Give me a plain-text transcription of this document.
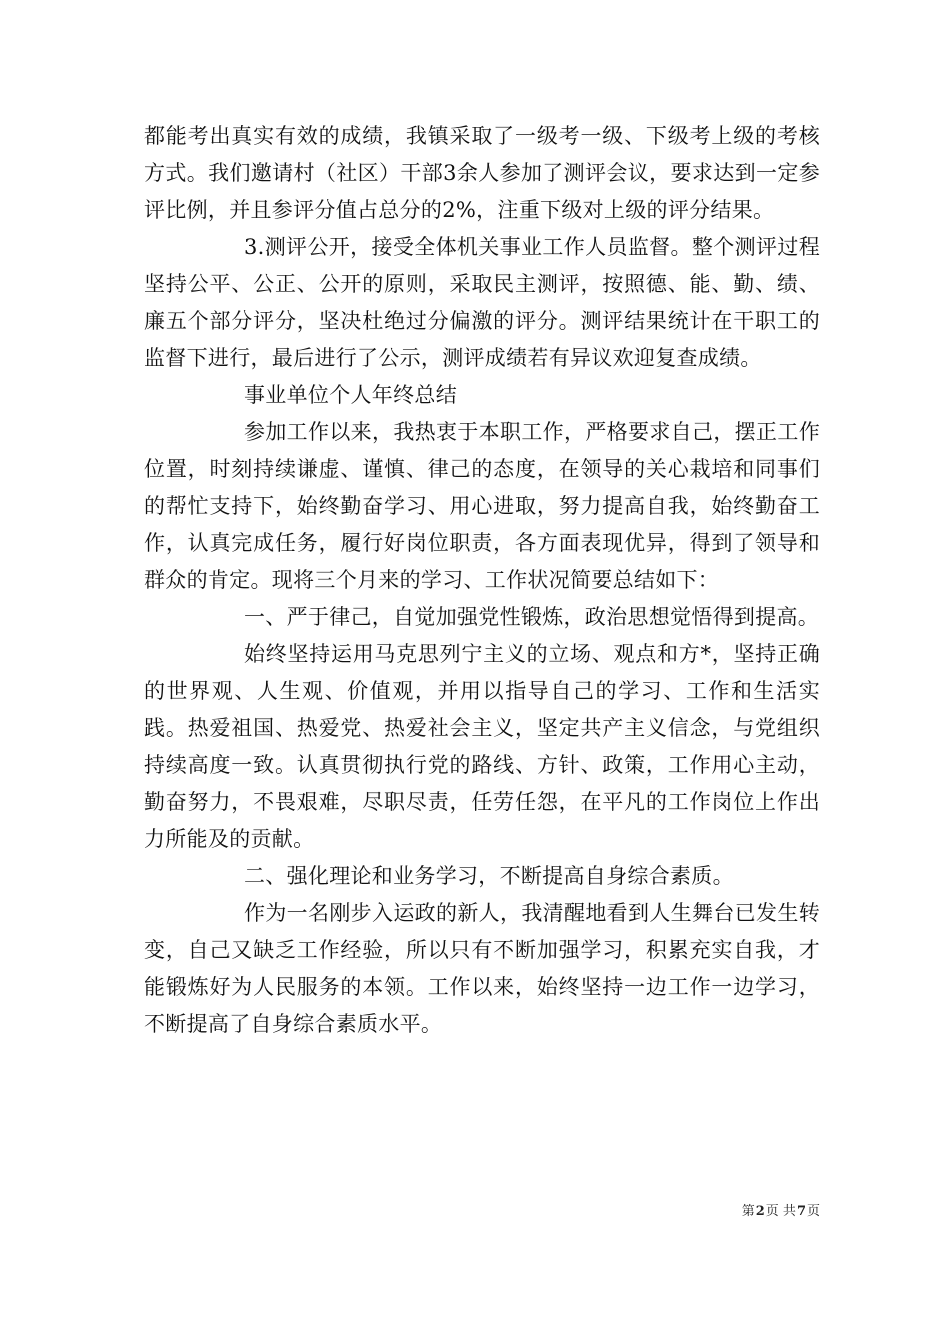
都能考出真实有效的成绩，我镇采取了一级考一级、下级考上级的考核方式。我们邀请村（社区）干部3余人参加了测评会议，要求达到一定参评比例，并且参评分值占总分的2%，注重下级对上级的评分结果。

3.测评公开，接受全体机关事业工作人员监督。整个测评过程坚持公平、公正、公开的原则，采取民主测评，按照德、能、勤、绩、廉五个部分评分，坚决杜绝过分偏激的评分。测评结果统计在干职工的监督下进行，最后进行了公示，测评成绩若有异议欢迎复查成绩。

事业单位个人年终总结

参加工作以来，我热衷于本职工作，严格要求自己，摆正工作位置，时刻持续谦虚、谨慎、律己的态度，在领导的关心栽培和同事们的帮忙支持下，始终勤奋学习、用心进取，努力提高自我，始终勤奋工作，认真完成任务，履行好岗位职责，各方面表现优异，得到了领导和群众的肯定。现将三个月来的学习、工作状况简要总结如下：

一、严于律己，自觉加强党性锻炼，政治思想觉悟得到提高。

始终坚持运用马克思列宁主义的立场、观点和方*，坚持正确的世界观、人生观、价值观，并用以指导自己的学习、工作和生活实践。热爱祖国、热爱党、热爱社会主义，坚定共产主义信念，与党组织持续高度一致。认真贯彻执行党的路线、方针、政策，工作用心主动，勤奋努力，不畏艰难，尽职尽责，任劳任怨，在平凡的工作岗位上作出力所能及的贡献。

二、强化理论和业务学习，不断提高自身综合素质。

作为一名刚步入运政的新人，我清醒地看到人生舞台已发生转变，自己又缺乏工作经验，所以只有不断加强学习，积累充实自我，才能锻炼好为人民服务的本领。工作以来，始终坚持一边工作一边学习，不断提高了自身综合素质水平。

第2页 共7页
